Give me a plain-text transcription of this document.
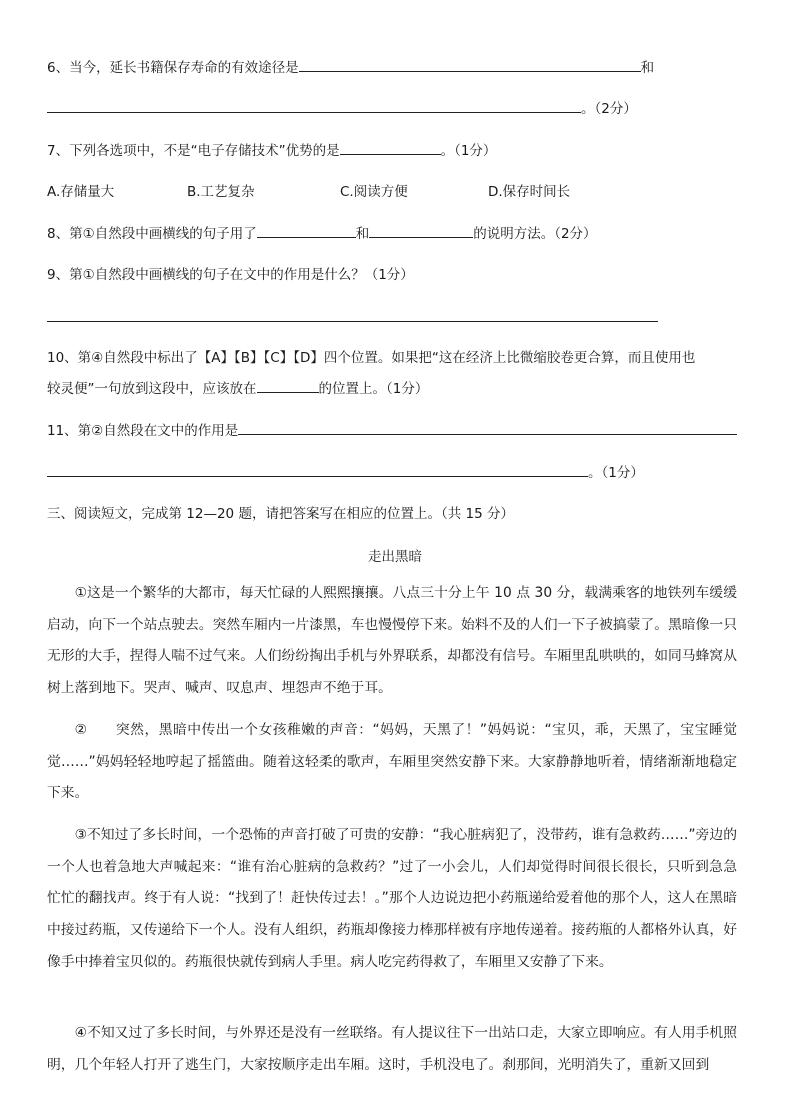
6、当今，延长书籍保存寿命的有效途径是	和
。（2分）
7、下列各选项中，不是“电子存储技术”优势的是	。（1分）
A.存储量大	B.工艺复杂	C.阅读方便	D.保存时间长
8、第①自然段中画横线的句子用了	和	的说明方法。（2分）
9、第①自然段中画横线的句子在文中的作用是什么？（1分）
10、第④自然段中标出了【A】【B】【C】【D】四个位置。如果把“这在经济上比微缩胶卷更合算，而且使用也
较灵便”一句放到这段中，应该放在	的位置上。（1分）
11、第②自然段在文中的作用是
。（1分）
三、阅读短文，完成第 12—20 题，请把答案写在相应的位置上。（共 15 分）
走出黑暗
①这是一个繁华的大都市，每天忙碌的人熙熙攘攘。八点三十分上午 10 点 30 分，载满乘客的地铁列车缓缓启动，向下一个站点驶去。突然车厢内一片漆黑，车也慢慢停下来。始料不及的人们一下子被搞蒙了。黑暗像一只无形的大手，捏得人喘不过气来。人们纷纷掏出手机与外界联系，却都没有信号。车厢里乱哄哄的，如同马蜂窝从树上落到地下。哭声、喊声、叹息声、埋怨声不绝于耳。
②　　突然，黑暗中传出一个女孩稚嫩的声音：“妈妈，天黑了！”妈妈说：“宝贝，乖，天黑了，宝宝睡觉觉……”妈妈轻轻地哼起了摇篮曲。随着这轻柔的歌声，车厢里突然安静下来。大家静静地听着，情绪渐渐地稳定下来。
③不知过了多长时间，一个恐怖的声音打破了可贵的安静：“我心脏病犯了，没带药，谁有急救药……”旁边的一个人也着急地大声喊起来：“谁有治心脏病的急救药？”过了一小会儿，人们却觉得时间很长很长，只听到急急忙忙的翻找声。终于有人说：“找到了！赶快传过去！。”那个人边说边把小药瓶递给爱着他的那个人，这人在黑暗中接过药瓶，又传递给下一个人。没有人组织，药瓶却像接力棒那样被有序地传递着。接药瓶的人都格外认真，好像手中捧着宝贝似的。药瓶很快就传到病人手里。病人吃完药得救了，车厢里又安静了下来。
④不知又过了多长时间，与外界还是没有一丝联络。有人提议往下一出站口走，大家立即响应。有人用手机照明，几个年轻人打开了逃生门，大家按顺序走出车厢。这时，手机没电了。刹那间，光明消失了，重新又回到
